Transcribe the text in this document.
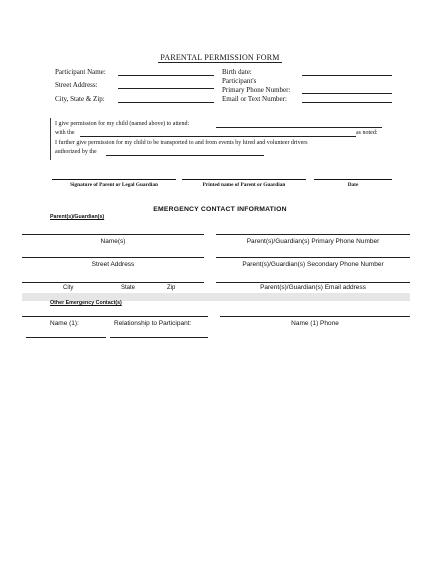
PARENTAL PERMISSION FORM
Participant Name:
Street Address:
City, State & Zip:
Birth date:
Participant's
Primary Phone Number:
Email or Text Number:
I give permission for my child (named above) to attend:
with the	as noted:
I further give permission for my child to be transported to and from events by hired and volunteer drivers
authorized by the
Signature of Parent or Legal Guardian	Printed name of Parent or Guardian	Date
EMERGENCY CONTACT INFORMATION
Parent(s)/Guardian(s)
Name(s)	Parent(s)/Guardian(s) Primary Phone Number
Street Address	Parent(s)/Guardian(s) Secondary Phone Number
City	State	Zip	Parent(s)/Guardian(s) Email address
Other Emergency Contact(s)
Name (1):	Relationship to Participant:	Name (1) Phone
